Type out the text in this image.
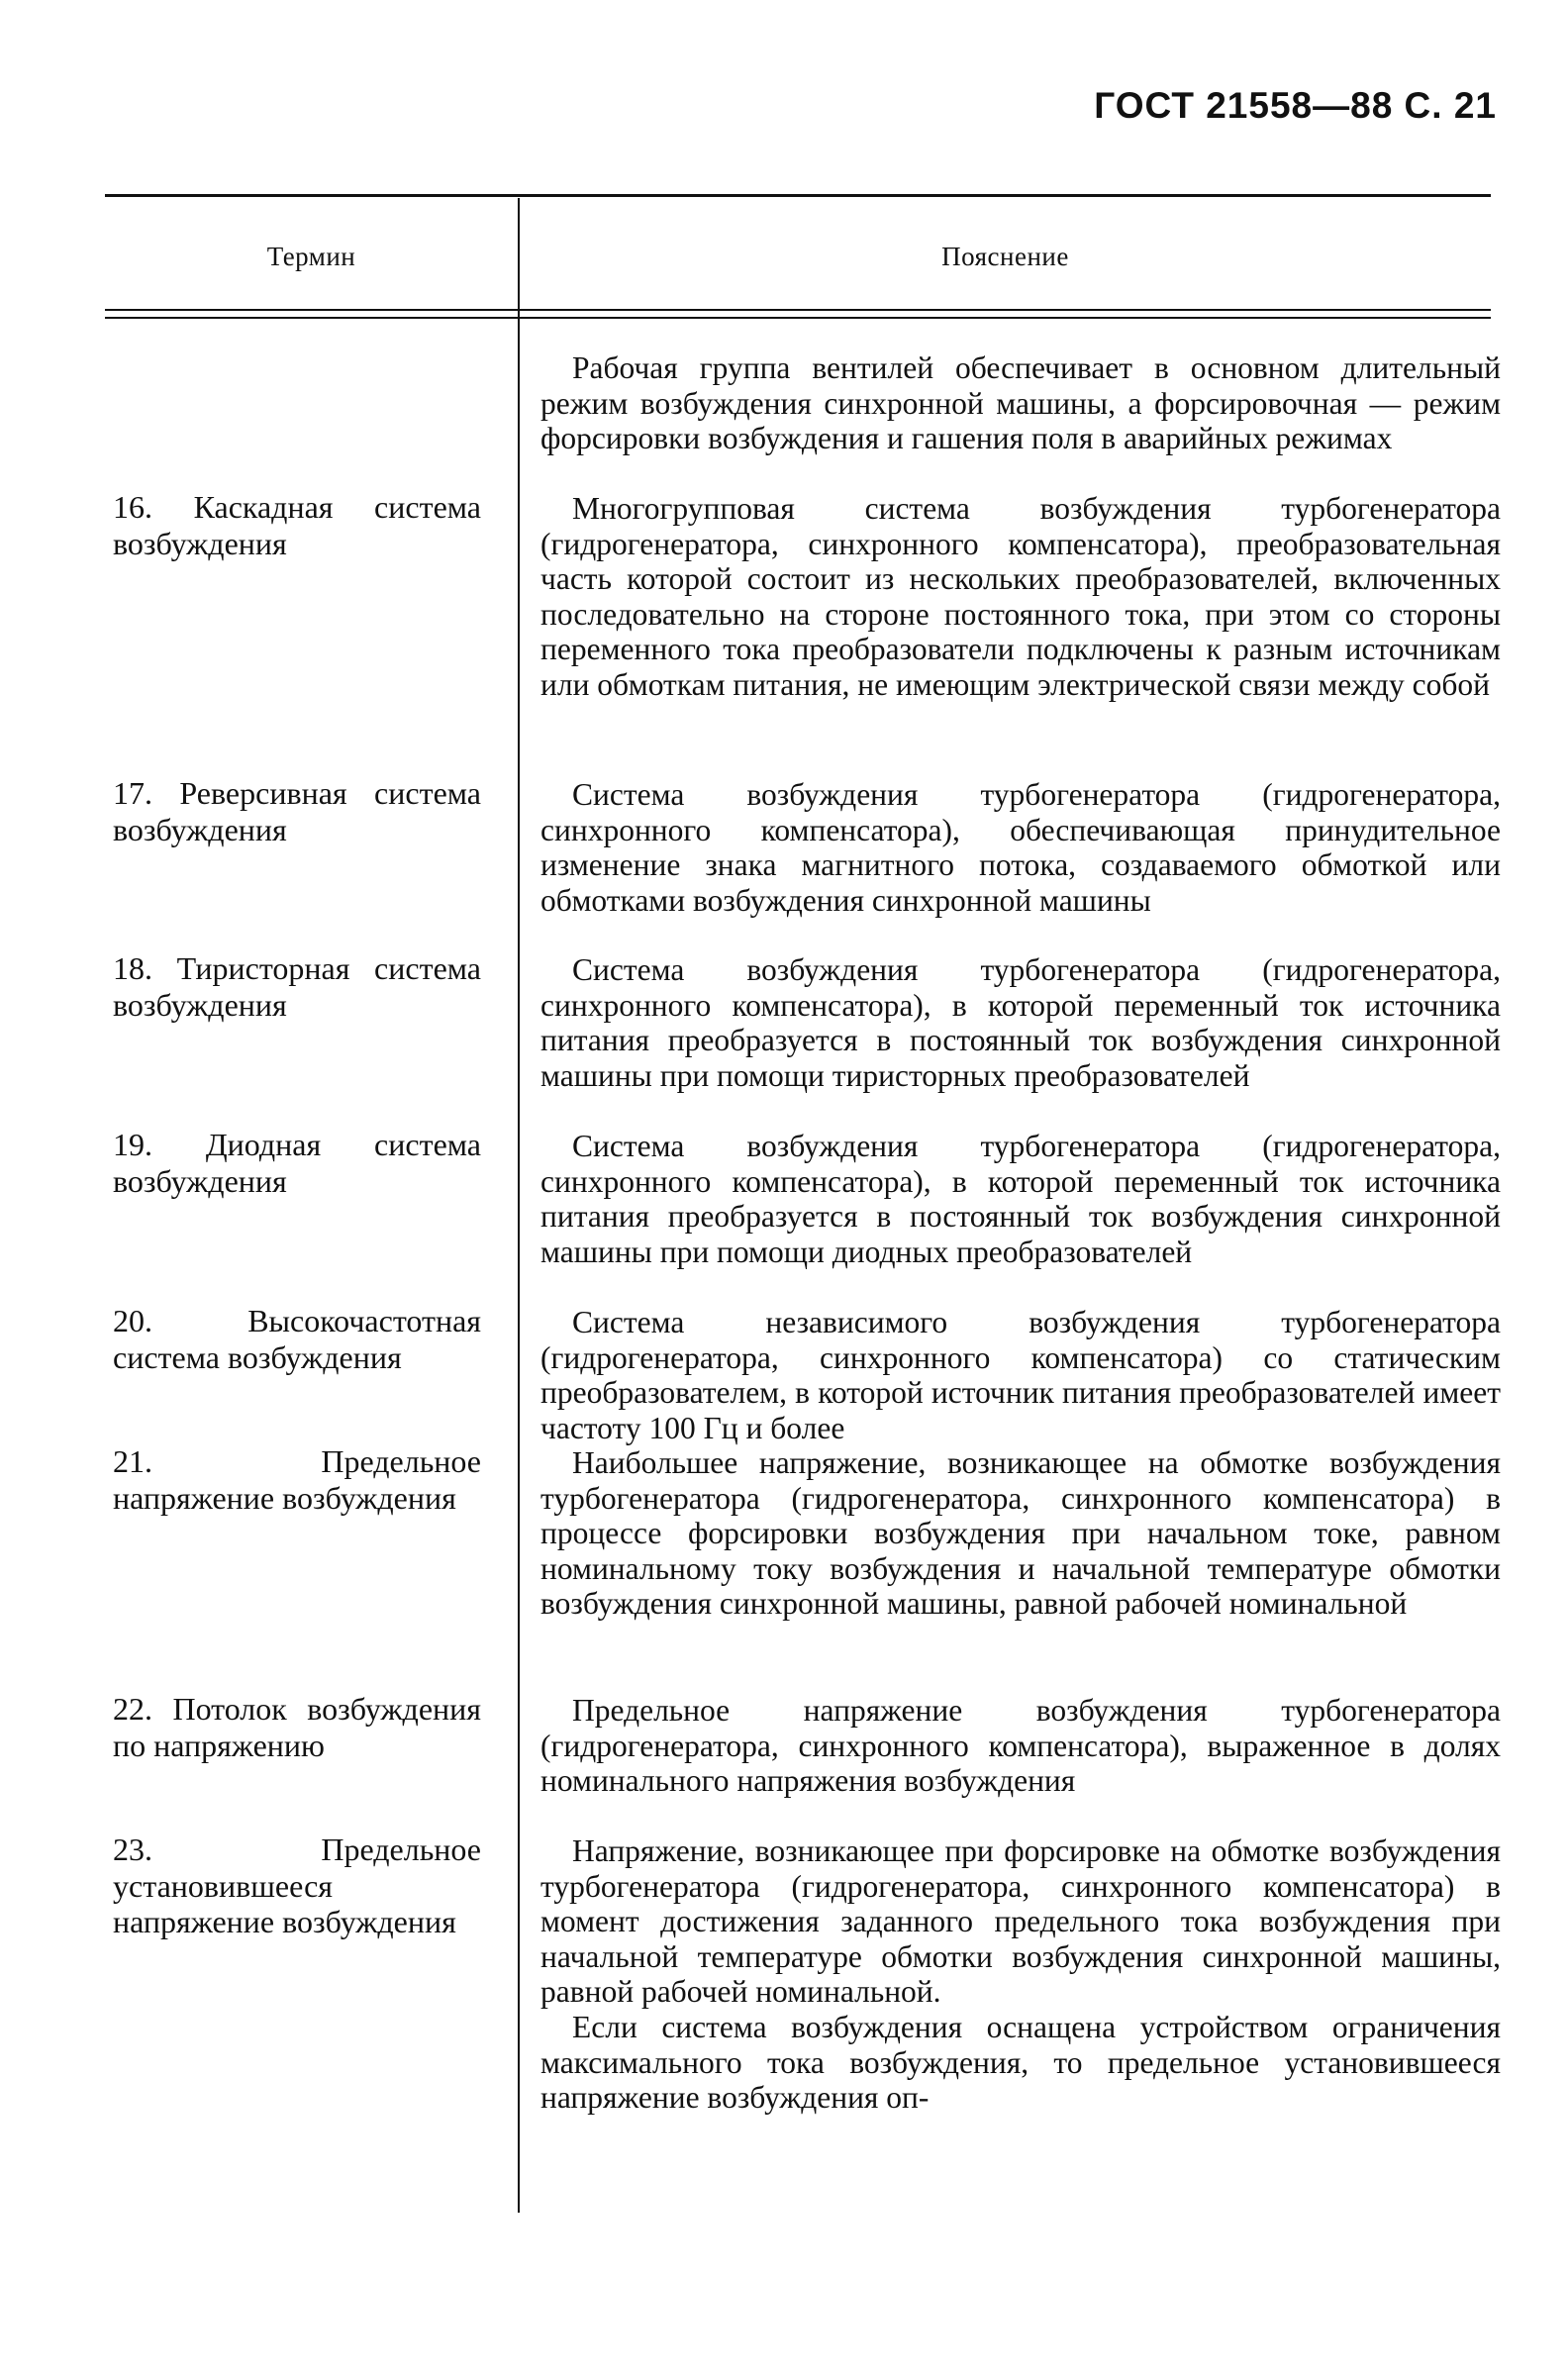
ГОСТ 21558—88 С. 21
Термин	Пояснение

Рабочая группа вентилей обеспечивает в основном длительный режим возбуждения синхронной машины, а форсировочная — режим форсировки возбуждения и гашения поля в аварийных режимах

16. Каскадная система возбуждения

Многогрупповая система возбуждения турбогенератора (гидрогенератора, синхронного компенсатора), преобразовательная часть которой состоит из нескольких преобразователей, включенных последовательно на стороне постоянного тока, при этом со стороны переменного тока преобразователи подключены к разным источникам или обмоткам питания, не имеющим электрической связи между собой

17. Реверсивная система возбуждения

Система возбуждения турбогенератора (гидрогенератора, синхронного компенсатора), обеспечивающая принудительное изменение знака магнитного потока, создаваемого обмоткой или обмотками возбуждения синхронной машины

18. Тиристорная система возбуждения

Система возбуждения турбогенератора (гидрогенератора, синхронного компенсатора), в которой переменный ток источника питания преобразуется в постоянный ток возбуждения синхронной машины при помощи тиристорных преобразователей

19. Диодная система возбуждения

Система возбуждения турбогенератора (гидрогенератора, синхронного компенсатора), в которой переменный ток источника питания преобразуется в постоянный ток возбуждения синхронной машины при помощи диодных преобразователей

20. Высокочастотная система возбуждения

Система независимого возбуждения турбогенератора (гидрогенератора, синхронного компенсатора) со статическим преобразователем, в которой источник питания преобразователей имеет частоту 100 Гц и более

21. Предельное напряжение возбуждения

Наибольшее напряжение, возникающее на обмотке возбуждения турбогенератора (гидрогенератора, синхронного компенсатора) в процессе форсировки возбуждения при начальном токе, равном номинальному току возбуждения и начальной температуре обмотки возбуждения синхронной машины, равной рабочей номинальной

22. Потолок возбуждения по напряжению

Предельное напряжение возбуждения турбогенератора (гидрогенератора, синхронного компенсатора), выраженное в долях номинального напряжения возбуждения

23. Предельное установившееся напряжение возбуждения

Напряжение, возникающее при форсировке на обмотке возбуждения турбогенератора (гидрогенератора, синхронного компенсатора) в момент достижения заданного предельного тока возбуждения при начальной температуре обмотки возбуждения синхронной машины, равной рабочей номинальной.

Если система возбуждения оснащена устройством ограничения максимального тока возбуждения, то предельное установившееся напряжение возбуждения оп-
